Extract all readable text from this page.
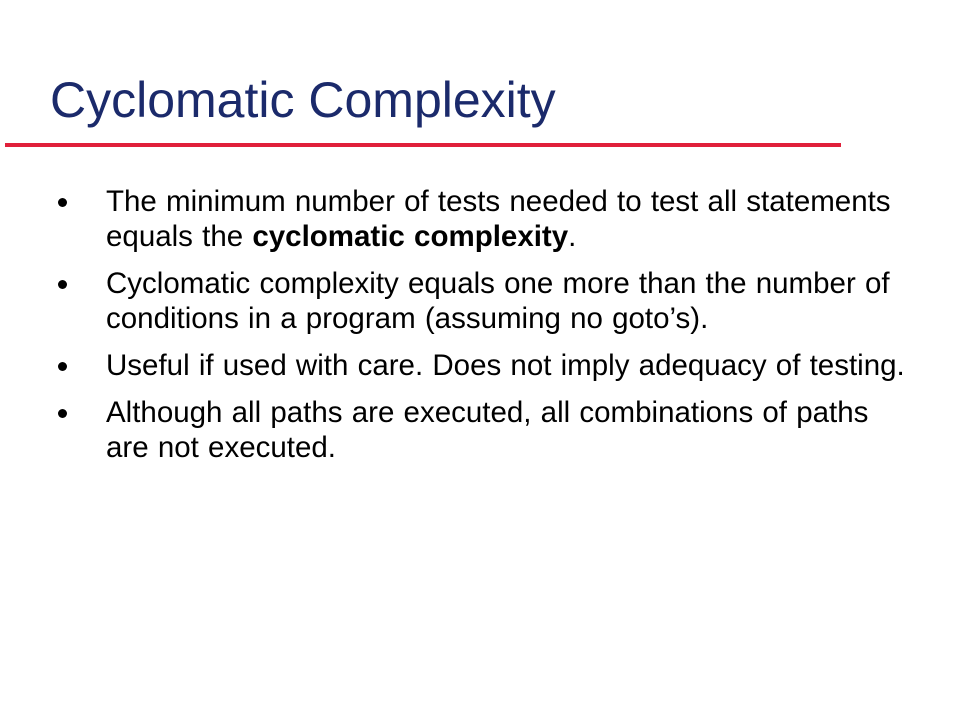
Cyclomatic Complexity
The minimum number of tests needed to test all statements equals the cyclomatic complexity.
Cyclomatic complexity equals one more than the number of conditions in a program (assuming no goto’s).
Useful if used with care. Does not imply adequacy of testing.
Although all paths are executed, all combinations of paths are not executed.
